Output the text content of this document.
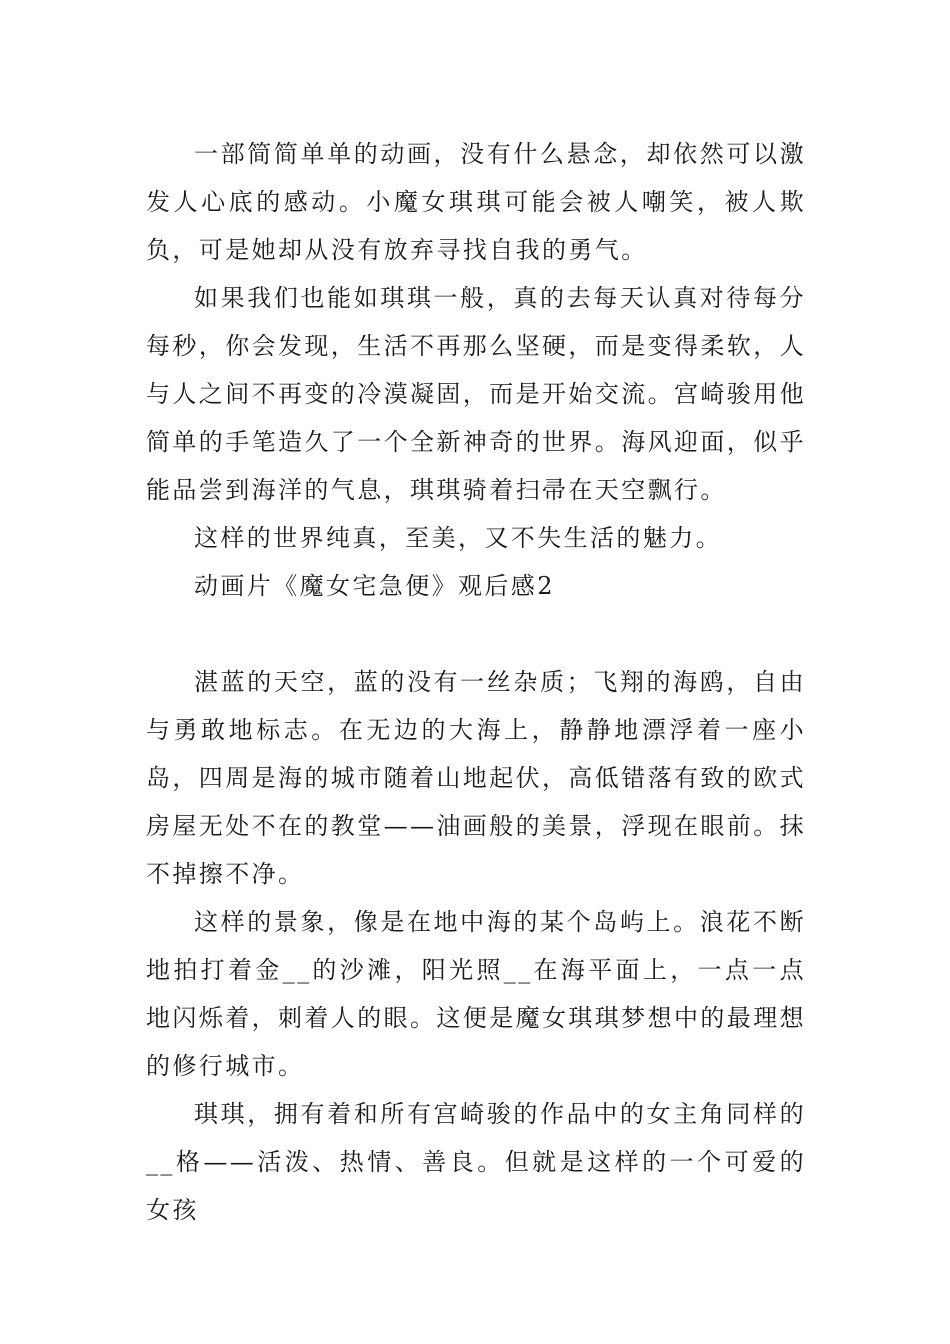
一部简简单单的动画，没有什么悬念，却依然可以激发人心底的感动。小魔女琪琪可能会被人嘲笑，被人欺负，可是她却从没有放弃寻找自我的勇气。

如果我们也能如琪琪一般，真的去每天认真对待每分每秒，你会发现，生活不再那么坚硬，而是变得柔软，人与人之间不再变的冷漠凝固，而是开始交流。宫崎骏用他简单的手笔造久了一个全新神奇的世界。海风迎面，似乎能品尝到海洋的气息，琪琪骑着扫帚在天空飘行。

这样的世界纯真，至美，又不失生活的魅力。

动画片《魔女宅急便》观后感2

湛蓝的天空，蓝的没有一丝杂质；飞翔的海鸥，自由与勇敢地标志。在无边的大海上，静静地漂浮着一座小岛，四周是海的城市随着山地起伏，高低错落有致的欧式房屋无处不在的教堂——油画般的美景，浮现在眼前。抹不掉擦不净。

这样的景象，像是在地中海的某个岛屿上。浪花不断地拍打着金__的沙滩，阳光照__在海平面上，一点一点地闪烁着，刺着人的眼。这便是魔女琪琪梦想中的最理想的修行城市。

琪琪，拥有着和所有宫崎骏的作品中的女主角同样的__格——活泼、热情、善良。但就是这样的一个可爱的女孩
